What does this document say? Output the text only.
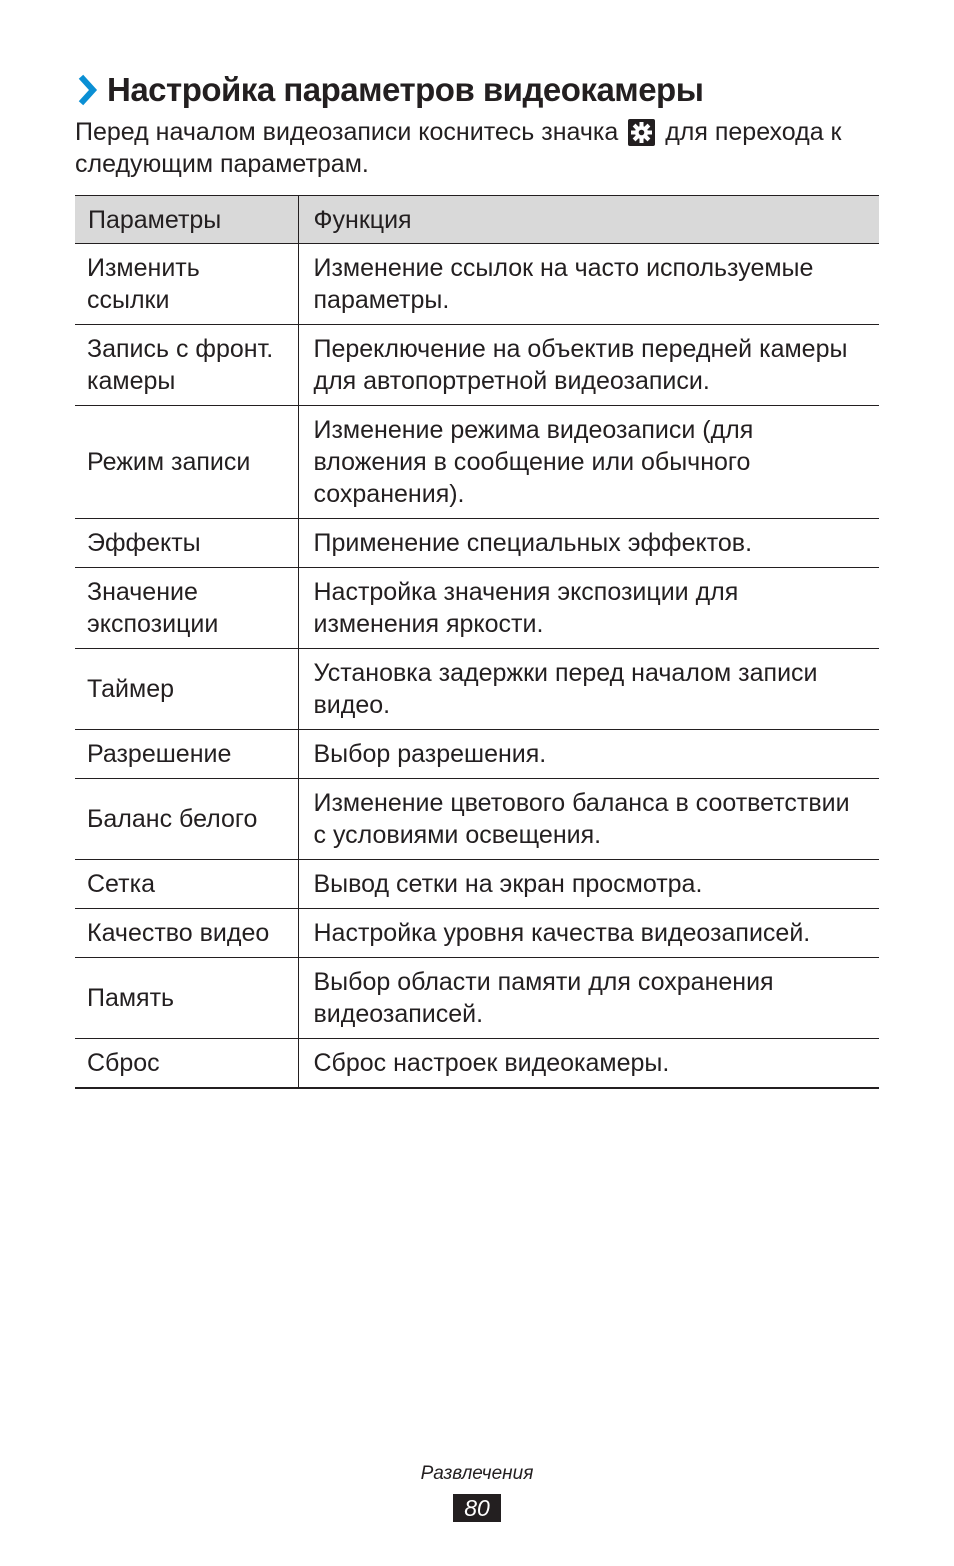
Настройка параметров видеокамеры

Перед началом видеозаписи коснитесь значка для перехода к следующим параметрам.

Параметры	Функция
Изменить ссылки	Изменение ссылок на часто используемые параметры.
Запись с фронт. камеры	Переключение на объектив передней камеры для автопортретной видеозаписи.
Режим записи	Изменение режима видеозаписи (для вложения в сообщение или обычного сохранения).
Эффекты	Применение специальных эффектов.
Значение экспозиции	Настройка значения экспозиции для изменения яркости.
Таймер	Установка задержки перед началом записи видео.
Разрешение	Выбор разрешения.
Баланс белого	Изменение цветового баланса в соответствии с условиями освещения.
Сетка	Вывод сетки на экран просмотра.
Качество видео	Настройка уровня качества видеозаписей.
Память	Выбор области памяти для сохранения видеозаписей.
Сброс	Сброс настроек видеокамеры.
Развлечения
80
